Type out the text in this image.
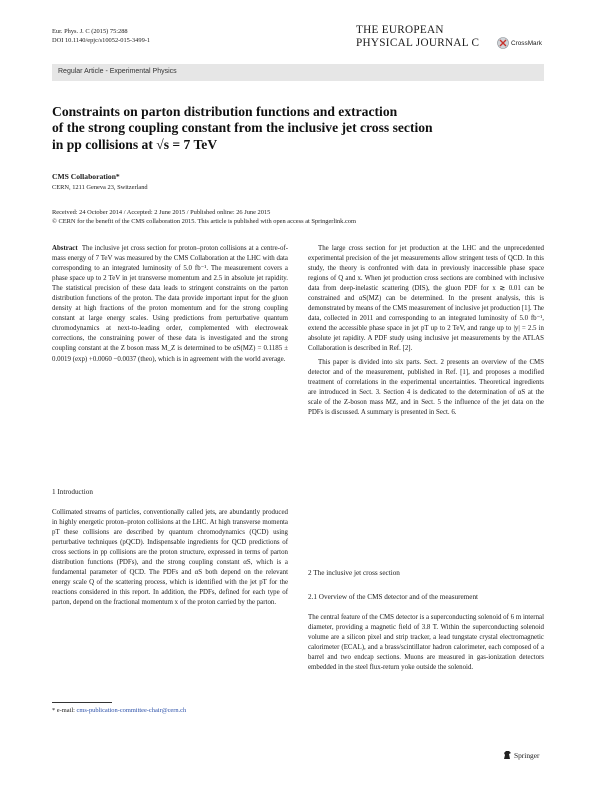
Eur. Phys. J. C (2015) 75:288
DOI 10.1140/epjc/s10052-015-3499-1
THE EUROPEAN
PHYSICAL JOURNAL C	CrossMark
Regular Article - Experimental Physics
Constraints on parton distribution functions and extraction
of the strong coupling constant from the inclusive jet cross section
in pp collisions at √s = 7 TeV
CMS Collaboration*
CERN, 1211 Geneva 23, Switzerland
Received: 24 October 2014 / Accepted: 2 June 2015 / Published online: 26 June 2015
© CERN for the benefit of the CMS collaboration 2015. This article is published with open access at Springerlink.com

Abstract The inclusive jet cross section for proton–proton collisions at a centre-of-mass energy of 7 TeV was measured by the CMS Collaboration at the LHC with data corresponding to an integrated luminosity of 5.0 fb⁻¹. The measurement covers a phase space up to 2 TeV in jet transverse momentum and 2.5 in absolute jet rapidity. The statistical precision of these data leads to stringent constraints on the parton distribution functions of the proton. The data provide important input for the gluon density at high fractions of the proton momentum and for the strong coupling constant at large energy scales. Using predictions from perturbative quantum chromodynamics at next-to-leading order, complemented with electroweak corrections, the constraining power of these data is investigated and the strong coupling constant at the Z boson mass M_Z is determined to be αS(MZ) = 0.1185 ± 0.0019 (exp) +0.0060 −0.0037 (theo), which is in agreement with the world average.

1 Introduction

Collimated streams of particles, conventionally called jets, are abundantly produced in highly energetic proton–proton collisions at the LHC. At high transverse momenta pT these collisions are described by quantum chromodynamics (QCD) using perturbative techniques (pQCD). Indispensable ingredients for QCD predictions of cross sections in pp collisions are the proton structure, expressed in terms of parton distribution functions (PDFs), and the strong coupling constant αS, which is a fundamental parameter of QCD. The PDFs and αS both depend on the relevant energy scale Q of the scattering process, which is identified with the jet pT for the reactions considered in this report. In addition, the PDFs, defined for each type of parton, depend on the fractional momentum x of the proton carried by the parton.

* e-mail: cms-publication-committee-chair@cern.ch

The large cross section for jet production at the LHC and the unprecedented experimental precision of the jet measurements allow stringent tests of QCD. In this study, the theory is confronted with data in previously inaccessible phase space regions of Q and x. When jet production cross sections are combined with inclusive data from deep-inelastic scattering (DIS), the gluon PDF for x ≳ 0.01 can be constrained and αS(MZ) can be determined. In the present analysis, this is demonstrated by means of the CMS measurement of inclusive jet production [1]. The data, collected in 2011 and corresponding to an integrated luminosity of 5.0 fb⁻¹, extend the accessible phase space in jet pT up to 2 TeV, and range up to |y| = 2.5 in absolute jet rapidity. A PDF study using inclusive jet measurements by the ATLAS Collaboration is described in Ref. [2].

This paper is divided into six parts. Sect. 2 presents an overview of the CMS detector and of the measurement, published in Ref. [1], and proposes a modified treatment of correlations in the experimental uncertainties. Theoretical ingredients are introduced in Sect. 3. Section 4 is dedicated to the determination of αS at the scale of the Z-boson mass MZ, and in Sect. 5 the influence of the jet data on the PDFs is discussed. A summary is presented in Sect. 6.

2 The inclusive jet cross section
2.1 Overview of the CMS detector and of the measurement

The central feature of the CMS detector is a superconducting solenoid of 6 m internal diameter, providing a magnetic field of 3.8 T. Within the superconducting solenoid volume are a silicon pixel and strip tracker, a lead tungstate crystal electromagnetic calorimeter (ECAL), and a brass/scintillator hadron calorimeter, each composed of a barrel and two endcap sections. Muons are measured in gas-ionization detectors embedded in the steel flux-return yoke outside the solenoid.

Springer
